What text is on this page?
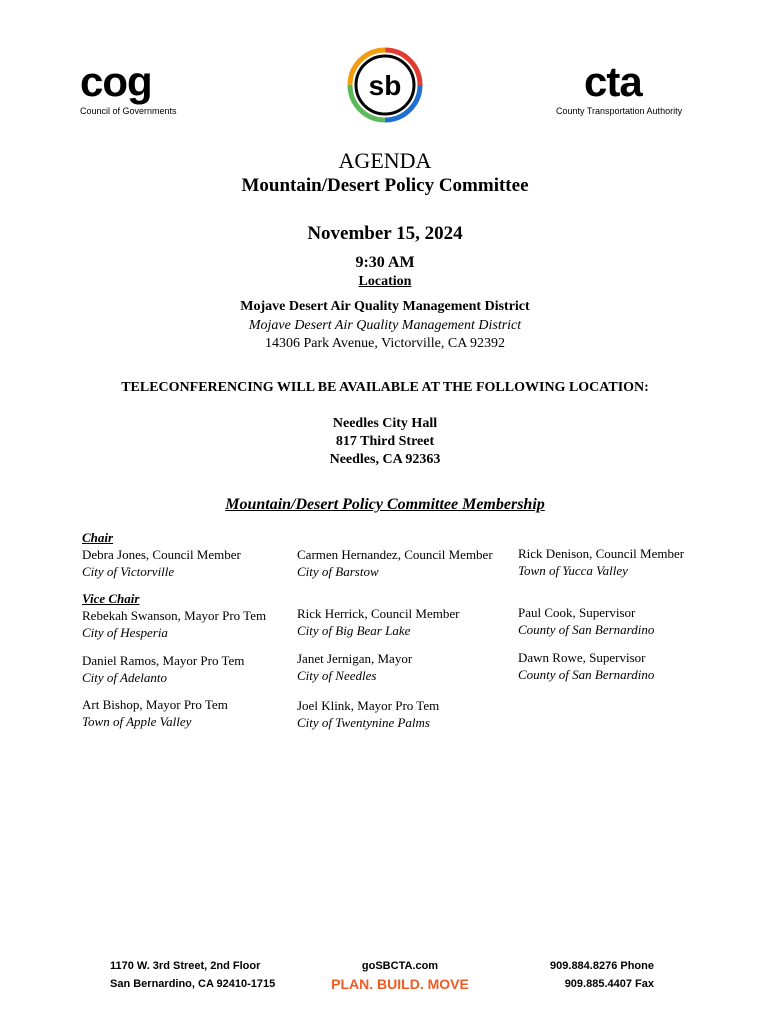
cog
Council of Governments
sb	cta
County Transportation Authority
AGENDA
Mountain/Desert Policy Committee
November 15, 2024
9:30 AM
Location
Mojave Desert Air Quality Management District
Mojave Desert Air Quality Management District
14306 Park Avenue, Victorville, CA 92392
TELECONFERENCING WILL BE AVAILABLE AT THE FOLLOWING LOCATION:
Needles City Hall
817 Third Street
Needles, CA 92363
Mountain/Desert Policy Committee Membership
Chair
Debra Jones, Council Member
City of Victorville
Carmen Hernandez, Council Member
City of Barstow
Rick Denison, Council Member
Town of Yucca Valley
Vice Chair
Rebekah Swanson, Mayor Pro Tem
City of Hesperia
Rick Herrick, Council Member
City of Big Bear Lake
Paul Cook, Supervisor
County of San Bernardino
Daniel Ramos, Mayor Pro Tem
City of Adelanto
Janet Jernigan, Mayor
City of Needles
Dawn Rowe, Supervisor
County of San Bernardino
Art Bishop, Mayor Pro Tem
Town of Apple Valley
Joel Klink, Mayor Pro Tem
City of Twentynine Palms
1170 W. 3rd Street, 2nd Floor
San Bernardino, CA 92410-1715
goSBCTA.com
PLAN. BUILD. MOVE
909.884.8276 Phone
909.885.4407 Fax
